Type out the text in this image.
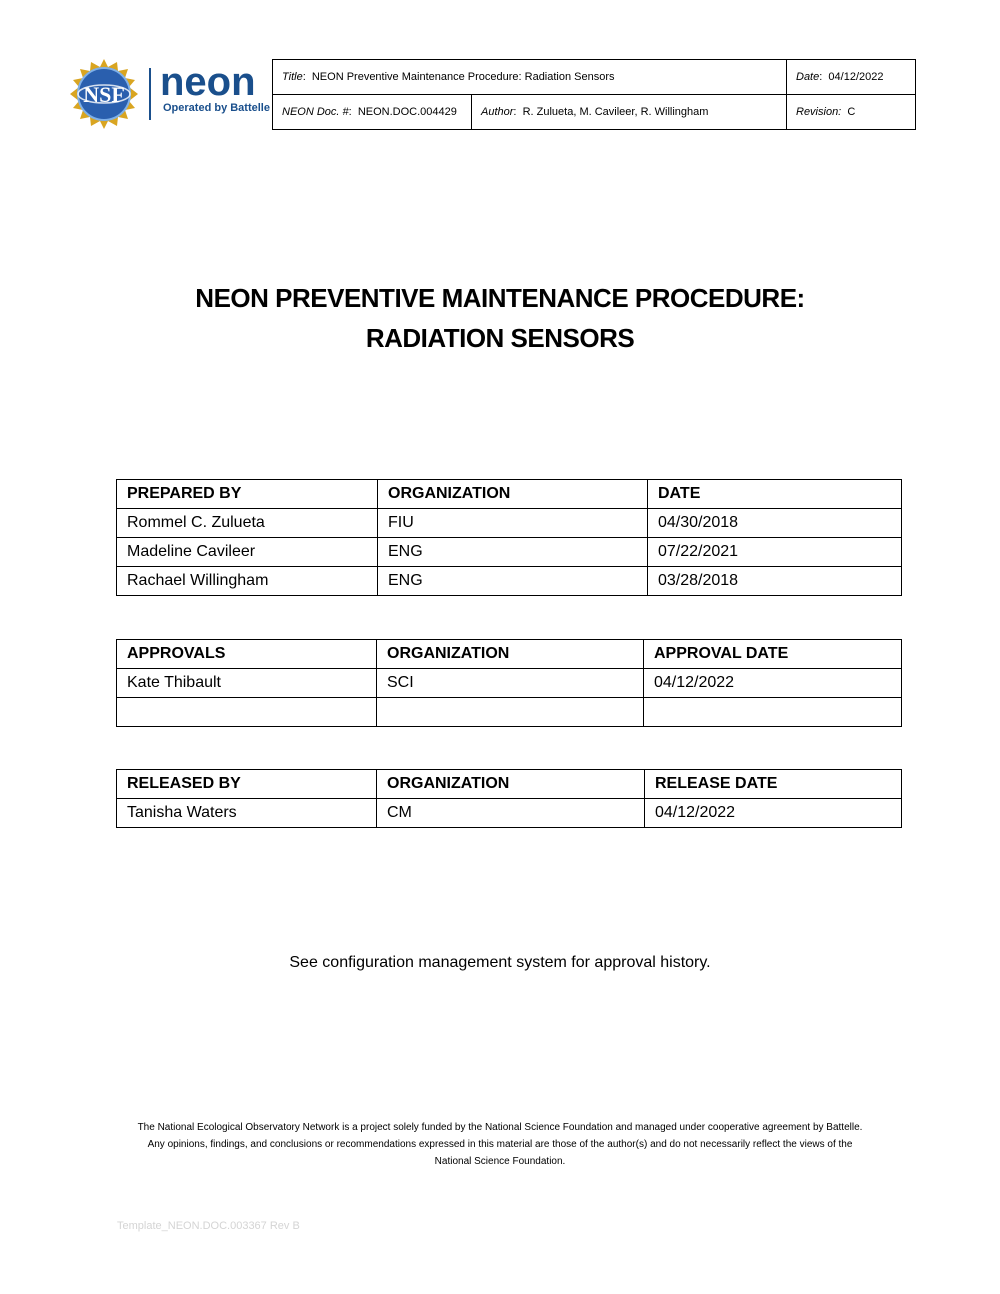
NSF neon
Operated by Battelle
Title:  NEON Preventive Maintenance Procedure: Radiation Sensors		Date:  04/12/2022
NEON Doc. #:  NEON.DOC.004429	Author:  R. Zulueta, M. Cavileer, R. Willingham	Revision: C
NEON PREVENTIVE MAINTENANCE PROCEDURE:
RADIATION SENSORS
PREPARED BY	ORGANIZATION	DATE
Rommel C. Zulueta	FIU	04/30/2018
Madeline Cavileer	ENG	07/22/2021
Rachael Willingham	ENG	03/28/2018
APPROVALS	ORGANIZATION	APPROVAL DATE
Kate Thibault	SCI	04/12/2022

RELEASED BY	ORGANIZATION	RELEASE DATE
Tanisha Waters	CM	04/12/2022
See configuration management system for approval history.
The National Ecological Observatory Network is a project solely funded by the National Science Foundation and managed under cooperative agreement by Battelle.
Any opinions, findings, and conclusions or recommendations expressed in this material are those of the author(s) and do not necessarily reflect the views of the
National Science Foundation.
Template_NEON.DOC.003367 Rev B
